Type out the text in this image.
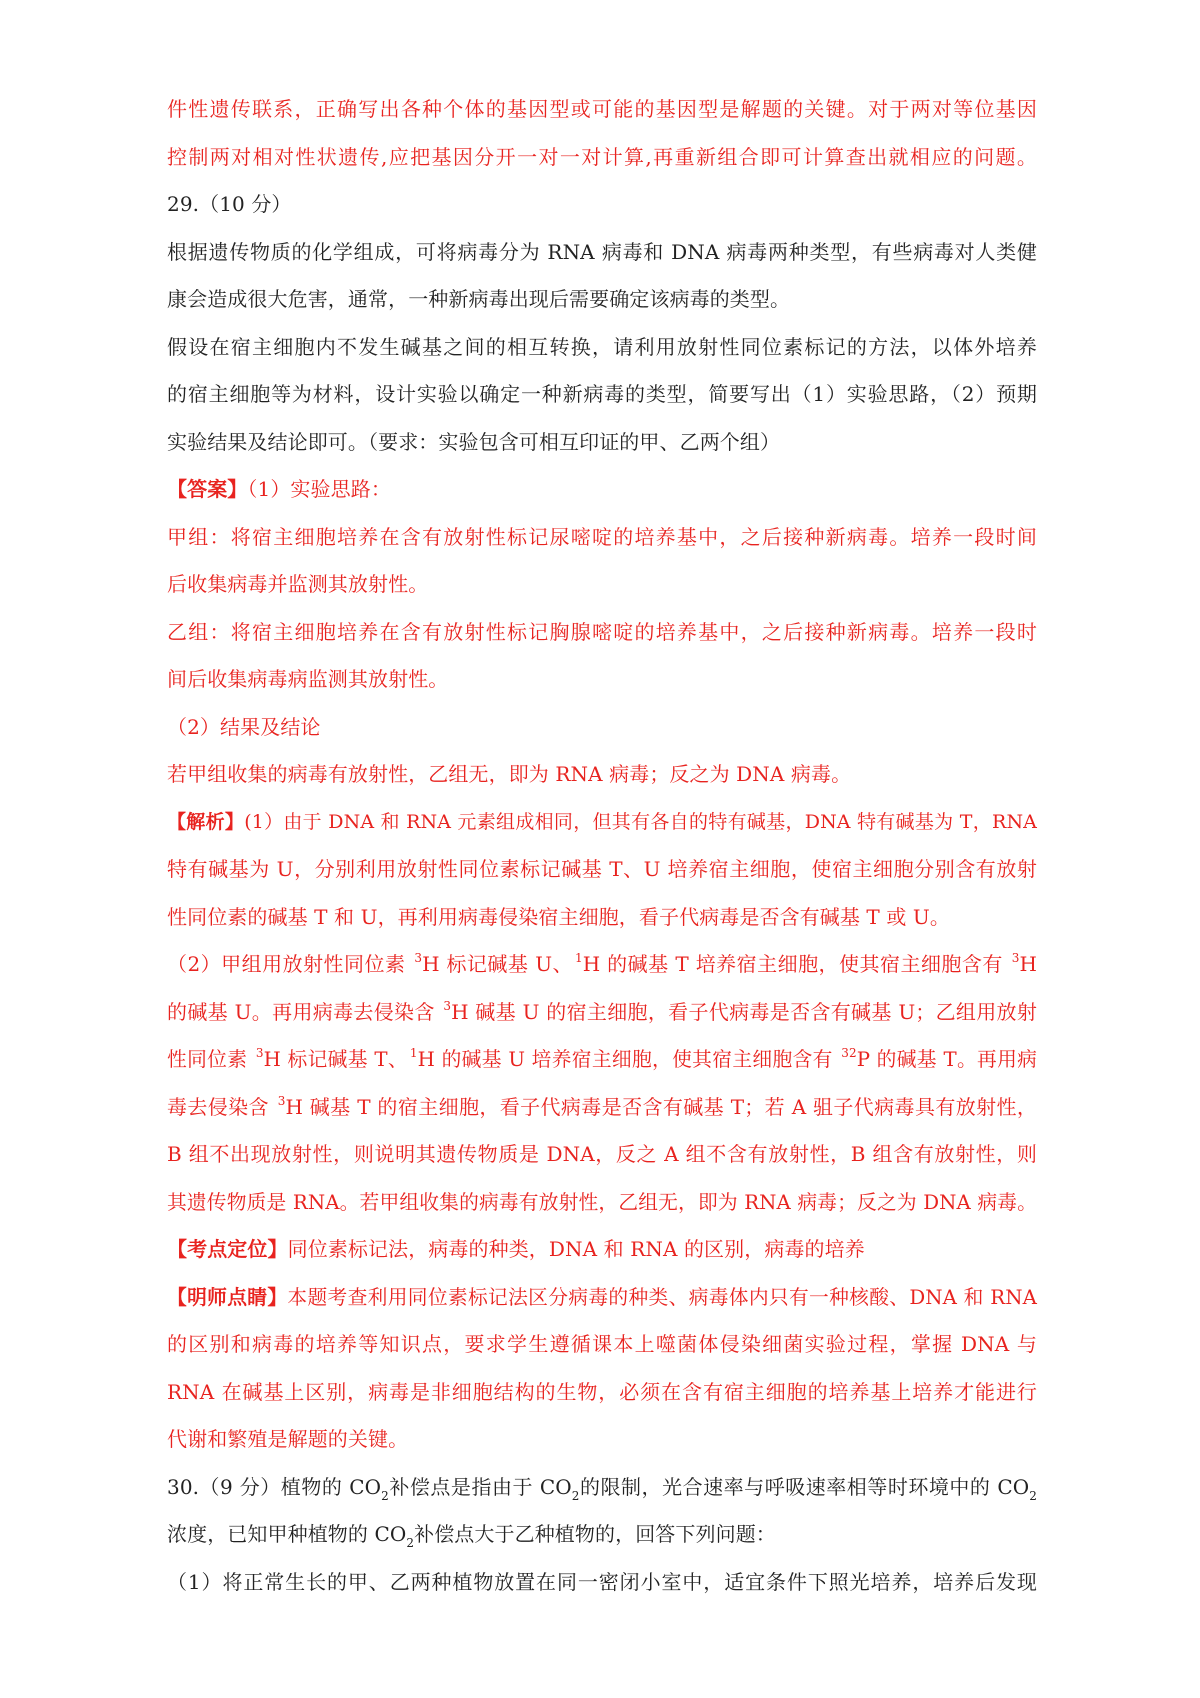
件性遗传联系，正确写出各种个体的基因型或可能的基因型是解题的关键。对于两对等位基因
控制两对相对性状遗传,应把基因分开一对一对计算,再重新组合即可计算查出就相应的问题。
29.（10 分）
根据遗传物质的化学组成，可将病毒分为 RNA 病毒和 DNA 病毒两种类型，有些病毒对人类健
康会造成很大危害，通常，一种新病毒出现后需要确定该病毒的类型。
假设在宿主细胞内不发生碱基之间的相互转换，请利用放射性同位素标记的方法，以体外培养
的宿主细胞等为材料，设计实验以确定一种新病毒的类型，简要写出（1）实验思路，（2）预期
实验结果及结论即可。（要求：实验包含可相互印证的甲、乙两个组）
【答案】（1）实验思路：
甲组：将宿主细胞培养在含有放射性标记尿嘧啶的培养基中，之后接种新病毒。培养一段时间
后收集病毒并监测其放射性。
乙组：将宿主细胞培养在含有放射性标记胸腺嘧啶的培养基中，之后接种新病毒。培养一段时
间后收集病毒病监测其放射性。
（2）结果及结论
若甲组收集的病毒有放射性，乙组无，即为 RNA 病毒；反之为 DNA 病毒。
【解析】(1）由于 DNA 和 RNA 元素组成相同，但其有各自的特有碱基，DNA 特有碱基为 T，RNA
特有碱基为 U，分别利用放射性同位素标记碱基 T、U 培养宿主细胞，使宿主细胞分别含有放射
性同位素的碱基 T 和 U，再利用病毒侵染宿主细胞，看子代病毒是否含有碱基 T 或 U。
（2）甲组用放射性同位素 $^3$H 标记碱基 U、 $^1$H 的碱基 T 培养宿主细胞，使其宿主细胞含有 $^3$H
的碱基 U。再用病毒去侵染含 $^3$H 碱基 U 的宿主细胞，看子代病毒是否含有碱基 U；乙组用放射
性同位素 $^3$H 标记碱基 T、 $^1$H 的碱基 U 培养宿主细胞，使其宿主细胞含有 $^{32}$P 的碱基 T。再用病
毒去侵染含 $^3$H 碱基 T 的宿主细胞，看子代病毒是否含有碱基 T；若 A 驵子代病毒具有放射性，
B 组不出现放射性，则说明其遗传物质是 DNA，反之 A 组不含有放射性，B 组含有放射性，则
其遗传物质是 RNA。若甲组收集的病毒有放射性，乙组无，即为 RNA 病毒；反之为 DNA 病毒。
【考点定位】同位素标记法，病毒的种类，DNA 和 RNA 的区别，病毒的培养
【明师点睛】本题考查利用同位素标记法区分病毒的种类、病毒体内只有一种核酸、DNA 和 RNA
的区别和病毒的培养等知识点，要求学生遵循课本上噬菌体侵染细菌实验过程，掌握 DNA 与
RNA 在碱基上区别，病毒是非细胞结构的生物，必须在含有宿主细胞的培养基上培养才能进行
代谢和繁殖是解题的关键。
30.（9 分）植物的 $CO_2$补偿点是指由于 $CO_2$的限制，光合速率与呼吸速率相等时环境中的 $CO_2$
浓度，已知甲种植物的 $CO_2$补偿点大于乙种植物的，回答下列问题：
（1）将正常生长的甲、乙两种植物放置在同一密闭小室中，适宜条件下照光培养，培养后发现
